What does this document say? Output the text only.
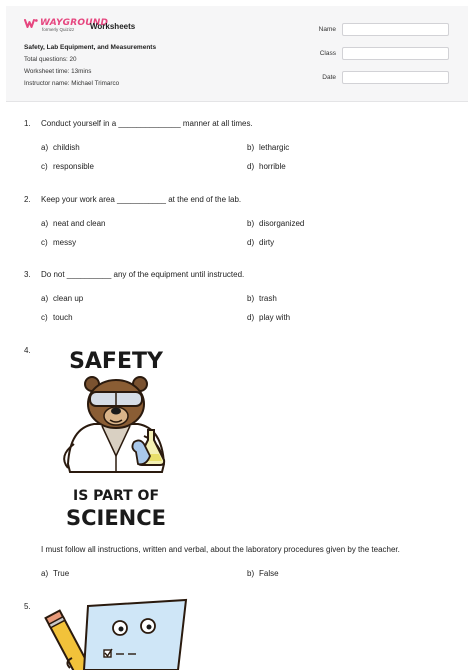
WAYGROUND
formerly Quizizz	Worksheets
Safety, Lab Equipment, and Measurements
Total questions: 20
Worksheet time: 13mins
Instructor name: Michael Trimarco
Name
Class
Date
1. Conduct yourself in a ______________ manner at all times.
a) childish	b) lethargic
c) responsible	d) horrible
2. Keep your work area ___________ at the end of the lab.
a) neat and clean	b) disorganized
c) messy	d) dirty
3. Do not __________ any of the equipment until instructed.
a) clean up	b) trash
c) touch	d) play with
4. SAFETY
IS PART OF
SCIENCE
I must follow all instructions, written and verbal, about the laboratory procedures given by the teacher.
a) True	b) False
5.
